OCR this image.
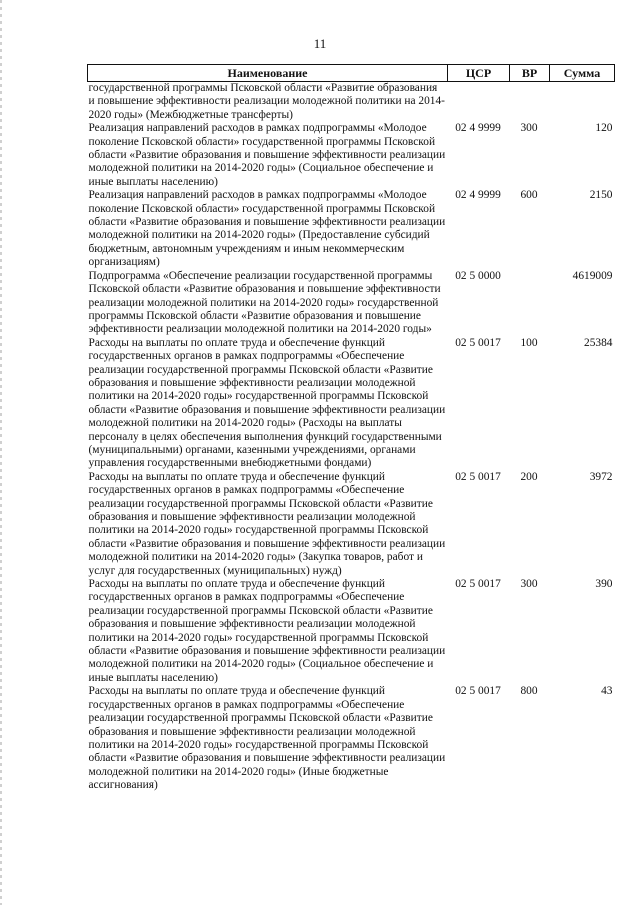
11
Наименование	ЦСР	ВР	Сумма
государственной программы Псковской области «Развитие образования и повышение эффективности реализации молодежной политики на 2014-2020 годы» (Межбюджетные трансферты)			
Реализация направлений расходов в рамках подпрограммы «Молодое поколение Псковской области» государственной программы Псковской области «Развитие образования и повышение эффективности реализации молодежной политики на 2014-2020 годы» (Социальное обеспечение и иные выплаты населению)	02 4 9999	300	120
Реализация направлений расходов в рамках подпрограммы «Молодое поколение Псковской области» государственной программы Псковской области «Развитие образования и повышение эффективности реализации молодежной политики на 2014-2020 годы» (Предоставление субсидий бюджетным, автономным учреждениям и иным некоммерческим организациям)	02 4 9999	600	2150
Подпрограмма «Обеспечение реализации государственной программы Псковской области «Развитие образования и повышение эффективности реализации молодежной политики на 2014-2020 годы» государственной программы Псковской области «Развитие образования и повышение эффективности реализации молодежной политики на 2014-2020 годы»	02 5 0000		4619009
Расходы на выплаты по оплате труда и обеспечение функций государственных органов в рамках подпрограммы «Обеспечение реализации государственной программы Псковской области «Развитие образования и повышение эффективности реализации молодежной политики на 2014-2020 годы» государственной программы Псковской области «Развитие образования и повышение эффективности реализации молодежной политики на 2014-2020 годы» (Расходы на выплаты персоналу в целях обеспечения выполнения функций государственными (муниципальными) органами, казенными учреждениями, органами управления государственными внебюджетными фондами)	02 5 0017	100	25384
Расходы на выплаты по оплате труда и обеспечение функций государственных органов в рамках подпрограммы «Обеспечение реализации государственной программы Псковской области «Развитие образования и повышение эффективности реализации молодежной политики на 2014-2020 годы» государственной программы Псковской области «Развитие образования и повышение эффективности реализации молодежной политики на 2014-2020 годы» (Закупка товаров, работ и услуг для государственных (муниципальных) нужд)	02 5 0017	200	3972
Расходы на выплаты по оплате труда и обеспечение функций государственных органов в рамках подпрограммы «Обеспечение реализации государственной программы Псковской области «Развитие образования и повышение эффективности реализации молодежной политики на 2014-2020 годы» государственной программы Псковской области «Развитие образования и повышение эффективности реализации молодежной политики на 2014-2020 годы» (Социальное обеспечение и иные выплаты населению)	02 5 0017	300	390
Расходы на выплаты по оплате труда и обеспечение функций государственных органов в рамках подпрограммы «Обеспечение реализации государственной программы Псковской области «Развитие образования и повышение эффективности реализации молодежной политики на 2014-2020 годы» государственной программы Псковской области «Развитие образования и повышение эффективности реализации молодежной политики на 2014-2020 годы» (Иные бюджетные ассигнования)	02 5 0017	800	43
